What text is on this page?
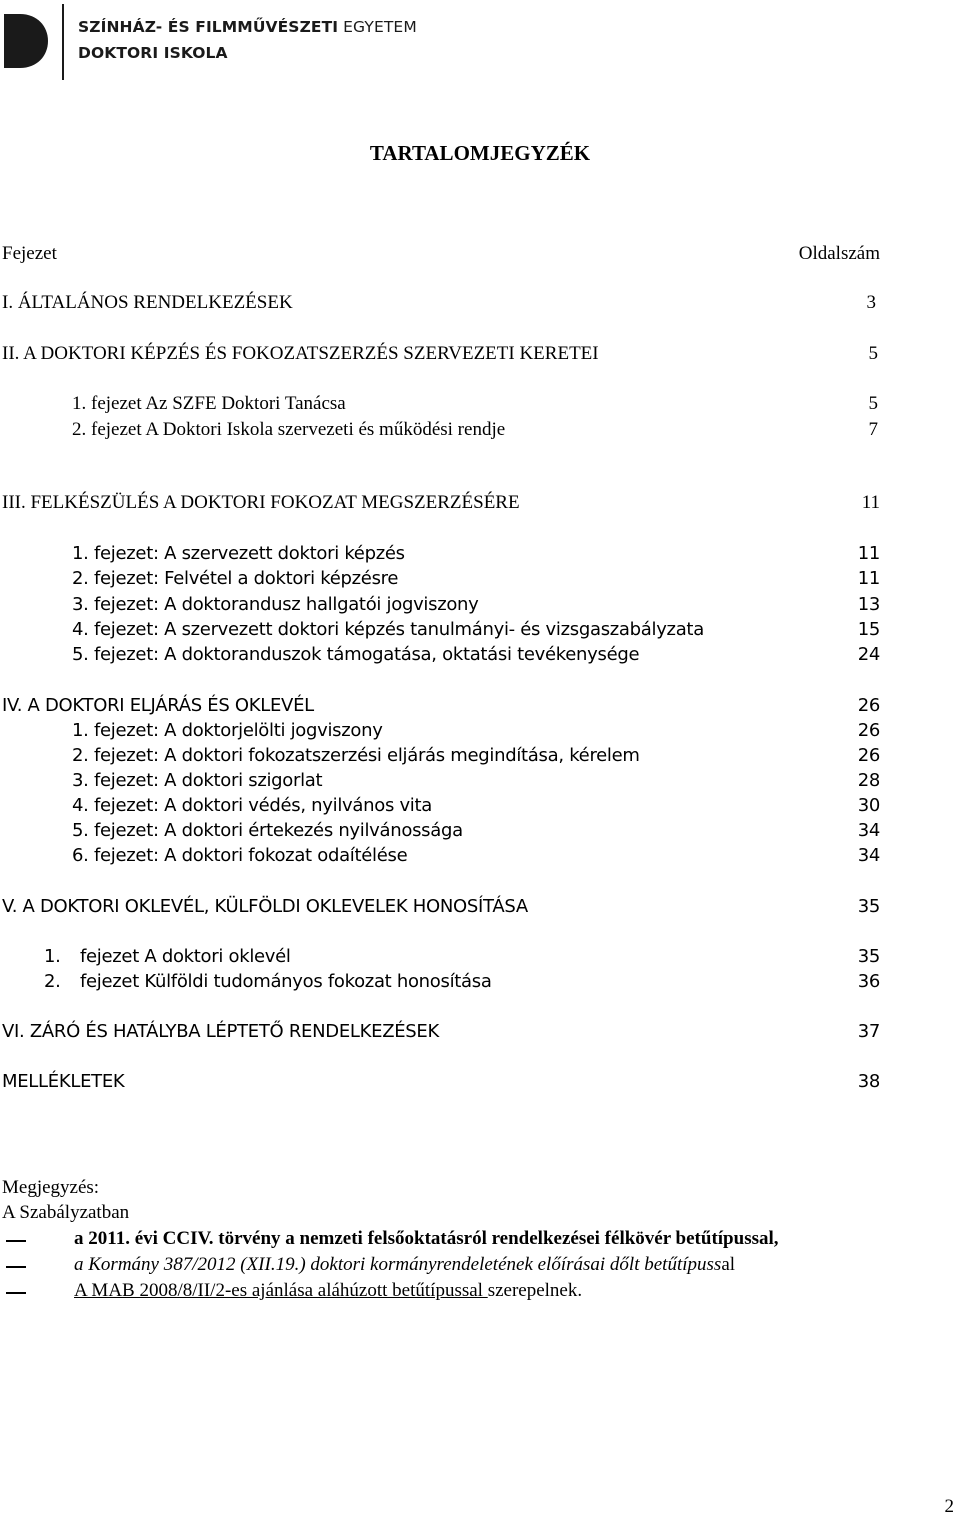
SZÍNHÁZ- ÉS FILMMŰVÉSZETI EGYETEM
DOKTORI ISKOLA
TARTALOMJEGYZÉK
Fejezet	Oldalszám
I. ÁLTALÁNOS RENDELKEZÉSEK	3
II. A DOKTORI KÉPZÉS ÉS FOKOZATSZERZÉS SZERVEZETI KERETEI	5
1. fejezet Az SZFE Doktori Tanácsa	5
2. fejezet A Doktori Iskola szervezeti és működési rendje	7
III. FELKÉSZÜLÉS A DOKTORI FOKOZAT MEGSZERZÉSÉRE	11
1. fejezet: A szervezett doktori képzés	11
2. fejezet: Felvétel a doktori képzésre	11
3. fejezet: A doktorandusz hallgatói jogviszony	13
4. fejezet: A szervezett doktori képzés tanulmányi- és vizsgaszabályzata	15
5. fejezet: A doktoranduszok támogatása, oktatási tevékenysége	24
IV. A DOKTORI ELJÁRÁS ÉS OKLEVÉL	26
1. fejezet: A doktorjelölti jogviszony	26
2. fejezet: A doktori fokozatszerzési eljárás megindítása, kérelem	26
3. fejezet: A doktori szigorlat	28
4. fejezet: A doktori védés, nyilvános vita	30
5. fejezet: A doktori értekezés nyilvánossága	34
6. fejezet: A doktori fokozat odaítélése	34
V. A DOKTORI OKLEVÉL, KÜLFÖLDI OKLEVELEK HONOSÍTÁSA	35
1. fejezet A doktori oklevél	35
2. fejezet Külföldi tudományos fokozat honosítása	36
VI. ZÁRÓ ÉS HATÁLYBA LÉPTETŐ RENDELKEZÉSEK	37
MELLÉKLETEK	38
Megjegyzés:
A Szabályzatban
a 2011. évi CCIV. törvény a nemzeti felsőoktatásról rendelkezései félkövér betűtípussal,
a Kormány 387/2012 (XII.19.) doktori kormányrendeletének előírásai dőlt betűtípussal
A MAB 2008/8/II/2-es ajánlása aláhúzott betűtípussal szerepelnek.
2
